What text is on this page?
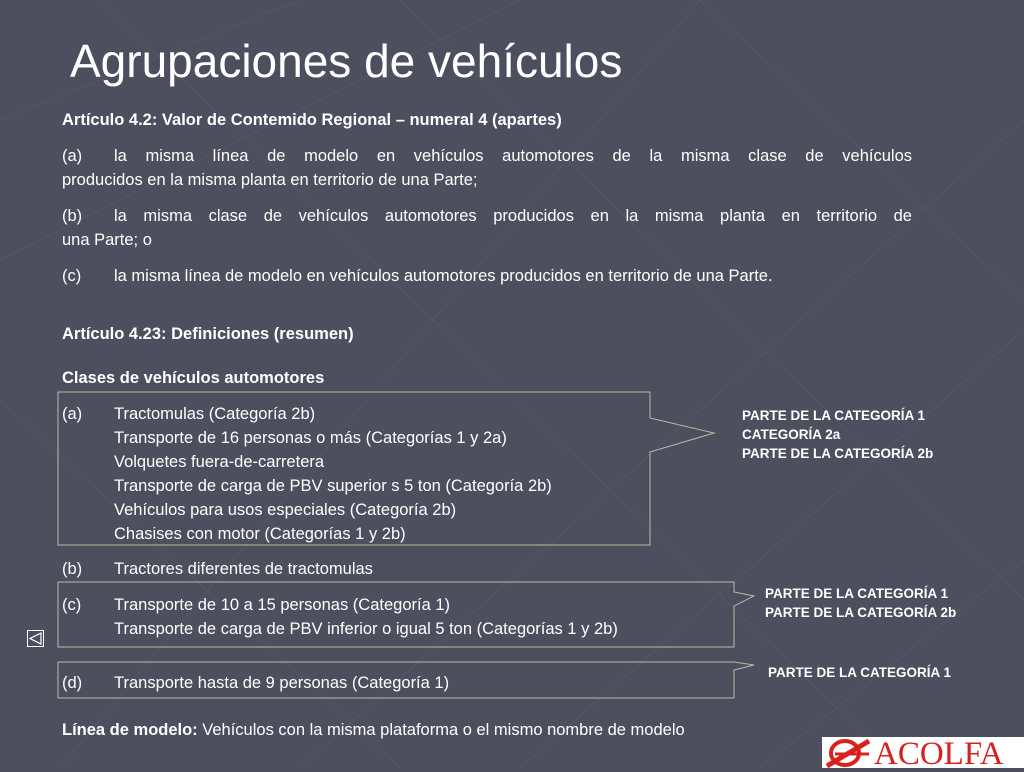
Agrupaciones de vehículos
Artículo 4.2: Valor de Contemido Regional – numeral 4 (apartes)
(a) la misma línea de modelo en vehículos automotores de la misma clase de vehículos
producidos en la misma planta en territorio de una Parte;
(b) la misma clase de vehículos automotores producidos en la misma planta en territorio de
una Parte; o
(c) la misma línea de modelo en vehículos automotores producidos en territorio de una Parte.
Artículo 4.23: Definiciones (resumen)
Clases de vehículos automotores
(a) Tractomulas (Categoría 2b)
Transporte de 16 personas o más (Categorías 1 y 2a)
Volquetes fuera-de-carretera
Transporte de carga de PBV superior s 5 ton (Categoría 2b)
Vehículos para usos especiales (Categoría 2b)
Chasises con motor (Categorías 1 y 2b)
PARTE DE LA CATEGORÍA 1
CATEGORÍA 2a
PARTE DE LA CATEGORÍA 2b
(b) Tractores diferentes de tractomulas
(c) Transporte de 10 a 15 personas (Categoría 1)
Transporte de carga de PBV inferior o igual 5 ton (Categorías 1 y 2b)
PARTE DE LA CATEGORÍA 1
PARTE DE LA CATEGORÍA 2b
(d) Transporte hasta de 9 personas (Categoría 1)
PARTE DE LA CATEGORÍA 1
Línea de modelo: Vehículos con la misma plataforma o el mismo nombre de modelo
ACOLFA
